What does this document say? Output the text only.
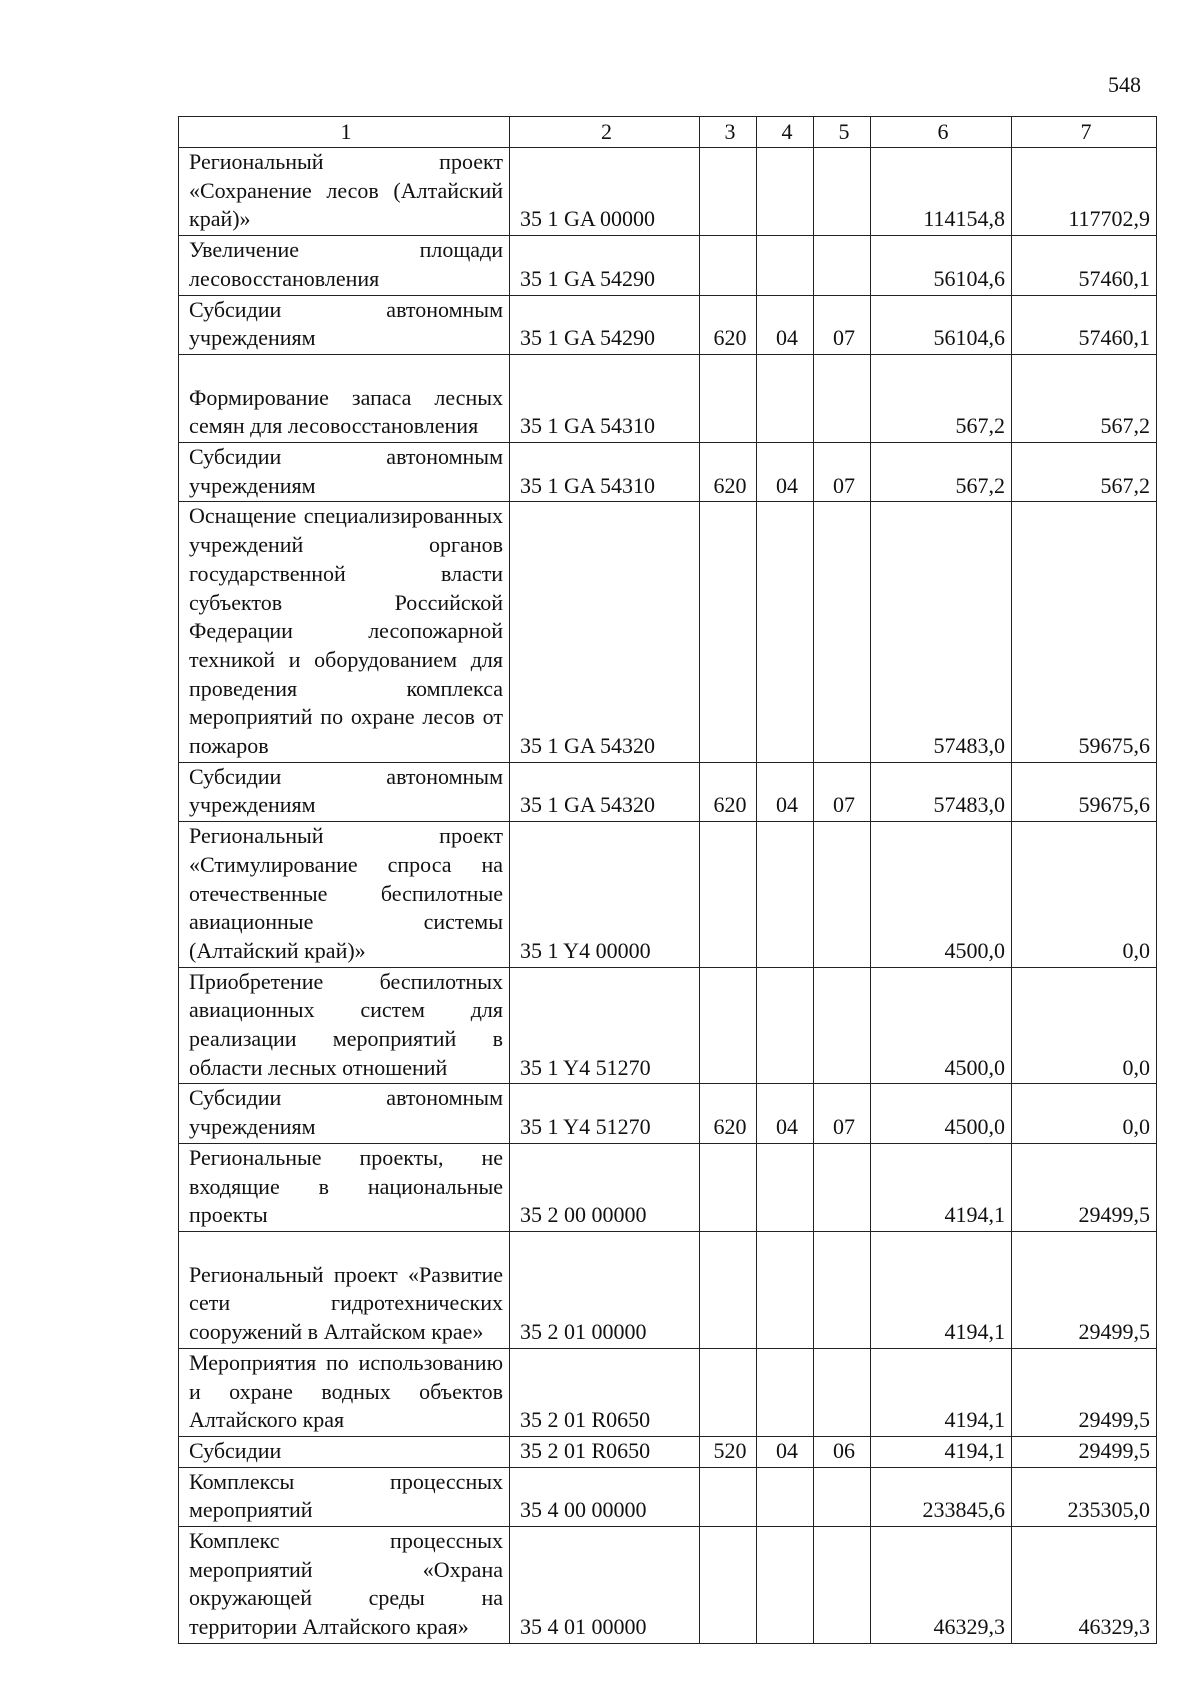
548
1	2	3	4	5	6	7
Региональный проект «Сохранение лесов (Алтайский край)»	35 1 GA 00000				114154,8	117702,9
Увеличение площади лесовосстановления	35 1 GA 54290				56104,6	57460,1
Субсидии автономным учреждениям	35 1 GA 54290	620	04	07	56104,6	57460,1
Формирование запаса лесных семян для лесовосстановления	35 1 GA 54310				567,2	567,2
Субсидии автономным учреждениям	35 1 GA 54310	620	04	07	567,2	567,2
Оснащение специализированных учреждений органов государственной власти субъектов Российской Федерации лесопожарной техникой и оборудованием для проведения комплекса мероприятий по охране лесов от пожаров	35 1 GA 54320				57483,0	59675,6
Субсидии автономным учреждениям	35 1 GA 54320	620	04	07	57483,0	59675,6
Региональный проект «Стимулирование спроса на отечественные беспилотные авиационные системы (Алтайский край)»	35 1 Y4 00000				4500,0	0,0
Приобретение беспилотных авиационных систем для реализации мероприятий в области лесных отношений	35 1 Y4 51270				4500,0	0,0
Субсидии автономным учреждениям	35 1 Y4 51270	620	04	07	4500,0	0,0
Региональные проекты, не входящие в национальные проекты	35 2 00 00000				4194,1	29499,5
Региональный проект «Развитие сети гидротехнических сооружений в Алтайском крае»	35 2 01 00000				4194,1	29499,5
Мероприятия по использованию и охране водных объектов Алтайского края	35 2 01 R0650				4194,1	29499,5
Субсидии	35 2 01 R0650	520	04	06	4194,1	29499,5
Комплексы процессных мероприятий	35 4 00 00000				233845,6	235305,0
Комплекс процессных мероприятий «Охрана окружающей среды на территории Алтайского края»	35 4 01 00000				46329,3	46329,3
